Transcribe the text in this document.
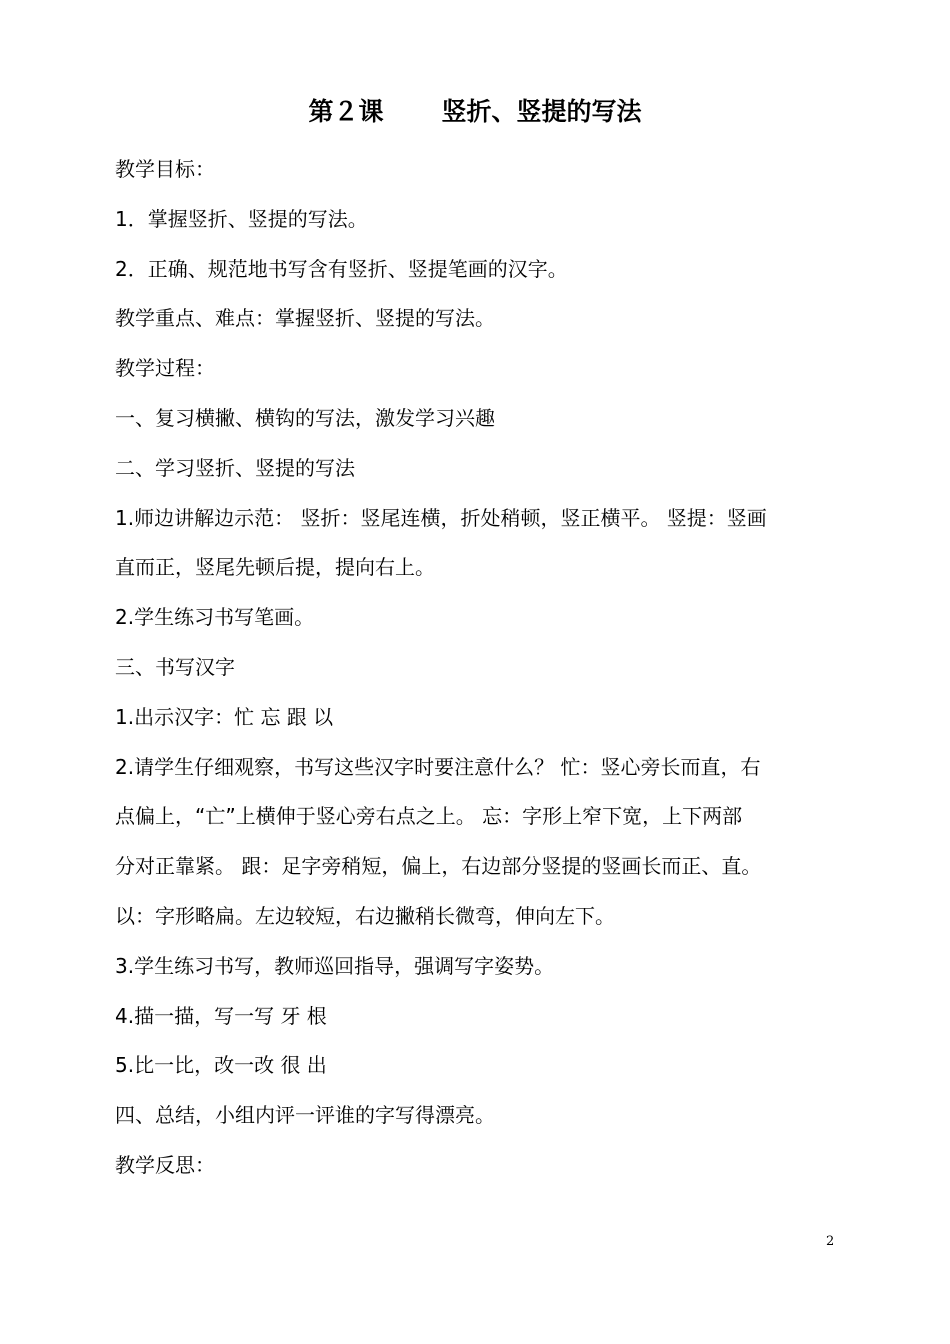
第２课 竖折、竖提的写法
教学目标：
1．掌握竖折、竖提的写法。
2．正确、规范地书写含有竖折、竖提笔画的汉字。
教学重点、难点：掌握竖折、竖提的写法。
教学过程：
一、复习横撇、横钩的写法，激发学习兴趣
二、学习竖折、竖提的写法
1.师边讲解边示范： 竖折：竖尾连横，折处稍顿，竖正横平。 竖提：竖画
直而正，竖尾先顿后提，提向右上。
2.学生练习书写笔画。
三、书写汉字
1.出示汉字：忙 忘 跟 以
2.请学生仔细观察，书写这些汉字时要注意什么？ 忙：竖心旁长而直，右
点偏上，“亡”上横伸于竖心旁右点之上。 忘：字形上窄下宽，上下两部
分对正靠紧。 跟：足字旁稍短，偏上，右边部分竖提的竖画长而正、直。
以：字形略扁。左边较短，右边撇稍长微弯，伸向左下。
3.学生练习书写，教师巡回指导，强调写字姿势。
4.描一描，写一写 牙 根
5.比一比，改一改 很 出
四、总结，小组内评一评谁的字写得漂亮。
教学反思：
2
